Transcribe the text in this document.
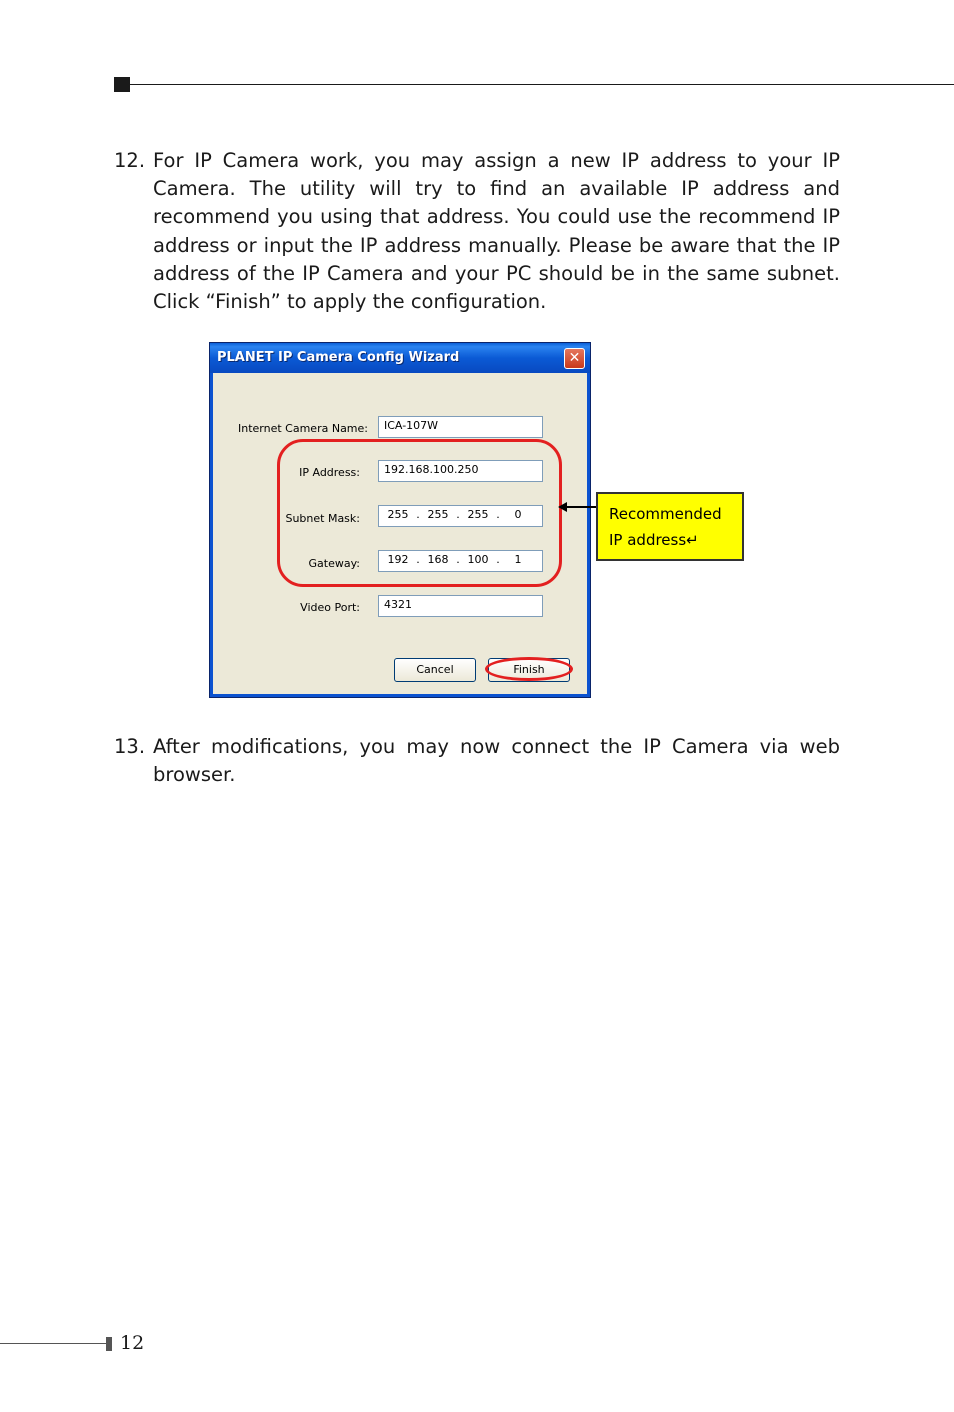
12. For IP Camera work, you may assign a new IP address to your IP Camera. The utility will try to find an available IP address and recommend you using that address. You could use the recommend IP address or input the IP address manually. Please be aware that the IP address of the IP Camera and your PC should be in the same subnet. Click “Finish” to apply the configuration.
PLANET IP Camera Config Wizard	✕
Internet Camera Name:	ICA-107W
IP Address:	192.168.100.250
Subnet Mask:	255 . 255 . 255 . 0
Gateway:	192 . 168 . 100 . 1
Video Port:	4321
Cancel	Finish
Recommended
IP address↵
13. After modifications, you may now connect the IP Camera via web browser.
12
